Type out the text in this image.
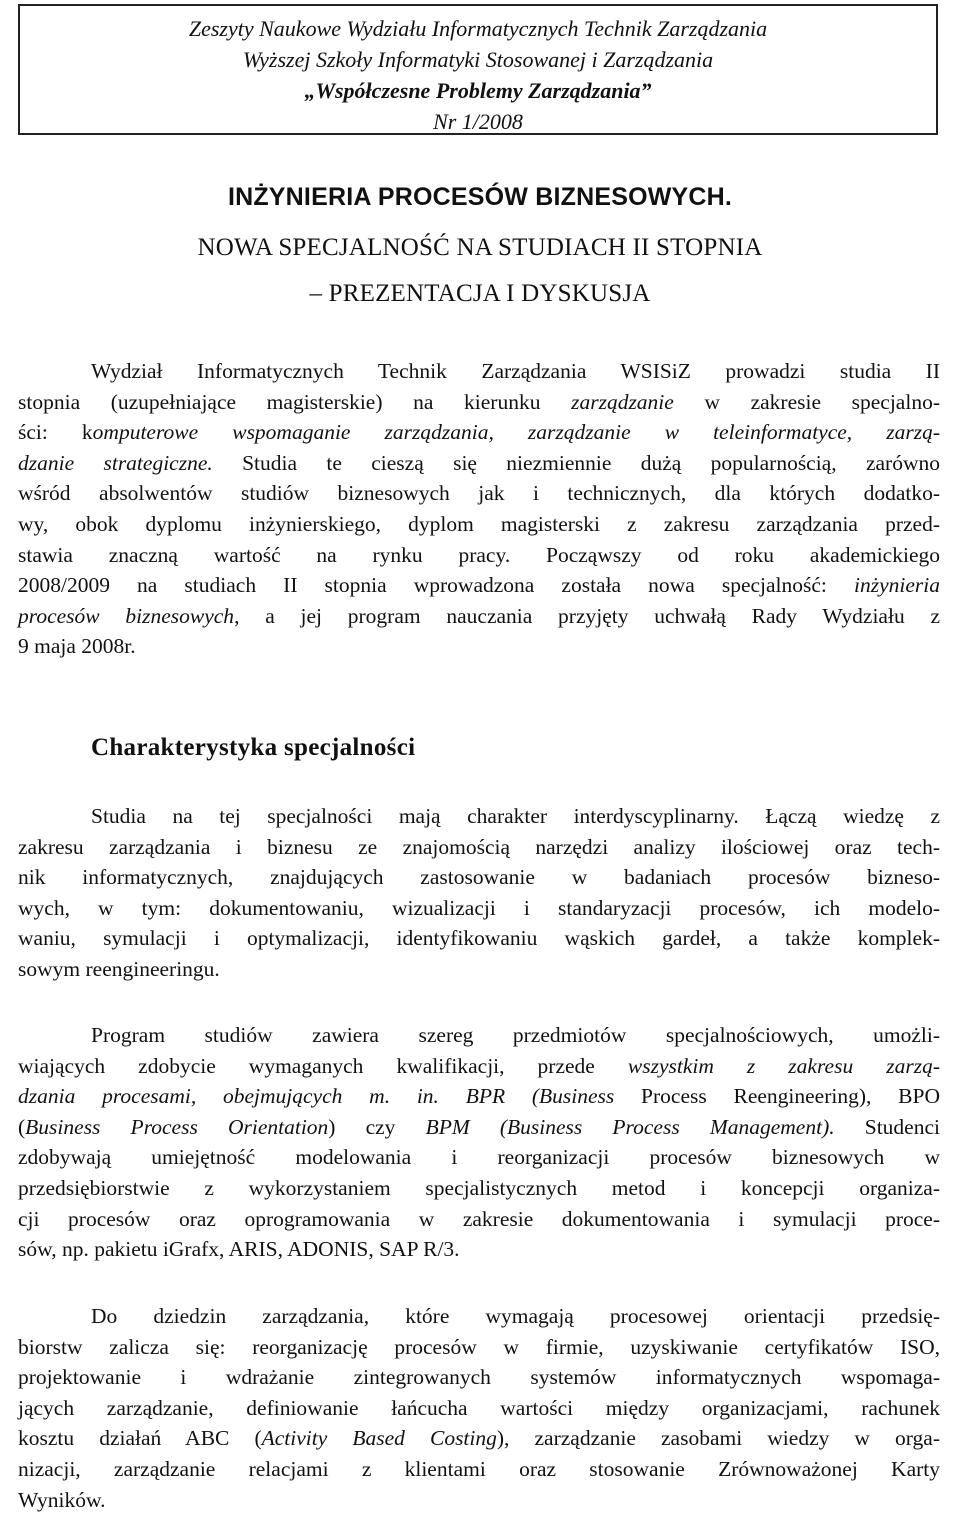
Zeszyty Naukowe Wydziału Informatycznych Technik Zarządzania
Wyższej Szkoły Informatyki Stosowanej i Zarządzania
„Współczesne Problemy Zarządzania”
Nr 1/2008
INŻYNIERIA PROCESÓW BIZNESOWYCH.
NOWA SPECJALNOŚĆ NA STUDIACH II STOPNIA
– PREZENTACJA I DYSKUSJA
Wydział Informatycznych Technik Zarządzania WSISiZ prowadzi studia II
stopnia (uzupełniające magisterskie) na kierunku zarządzanie w zakresie specjalno-
ści: komputerowe wspomaganie zarządzania, zarządzanie w teleinformatyce, zarzą-
dzanie strategiczne. Studia te cieszą się niezmiennie dużą popularnością, zarówno
wśród absolwentów studiów biznesowych jak i technicznych, dla których dodatko-
wy, obok dyplomu inżynierskiego, dyplom magisterski z zakresu zarządzania przed-
stawia znaczną wartość na rynku pracy. Począwszy od roku akademickiego
2008/2009 na studiach II stopnia wprowadzona została nowa specjalność: inżynieria
procesów biznesowych, a jej program nauczania przyjęty uchwałą Rady Wydziału z
9 maja 2008r.
Charakterystyka specjalności
Studia na tej specjalności mają charakter interdyscyplinarny. Łączą wiedzę z
zakresu zarządzania i biznesu ze znajomością narzędzi analizy ilościowej oraz tech-
nik informatycznych, znajdujących zastosowanie w badaniach procesów bizneso-
wych, w tym: dokumentowaniu, wizualizacji i standaryzacji procesów, ich modelo-
waniu, symulacji i optymalizacji, identyfikowaniu wąskich gardeł, a także komplek-
sowym reengineeringu.
Program studiów zawiera szereg przedmiotów specjalnościowych, umożli-
wiających zdobycie wymaganych kwalifikacji, przede wszystkim z zakresu zarzą-
dzania procesami, obejmujących m. in. BPR (Business Process Reengineering), BPO
(Business Process Orientation) czy BPM (Business Process Management). Studenci
zdobywają umiejętność modelowania i reorganizacji procesów biznesowych w
przedsiębiorstwie z wykorzystaniem specjalistycznych metod i koncepcji organiza-
cji procesów oraz oprogramowania w zakresie dokumentowania i symulacji proce-
sów, np. pakietu iGrafx, ARIS, ADONIS, SAP R/3.
Do dziedzin zarządzania, które wymagają procesowej orientacji przedsię-
biorstw zalicza się: reorganizację procesów w firmie, uzyskiwanie certyfikatów ISO,
projektowanie i wdrażanie zintegrowanych systemów informatycznych wspomaga-
jących zarządzanie, definiowanie łańcucha wartości między organizacjami, rachunek
kosztu działań ABC (Activity Based Costing), zarządzanie zasobami wiedzy w orga-
nizacji, zarządzanie relacjami z klientami oraz stosowanie Zrównoważonej Karty
Wyników.
